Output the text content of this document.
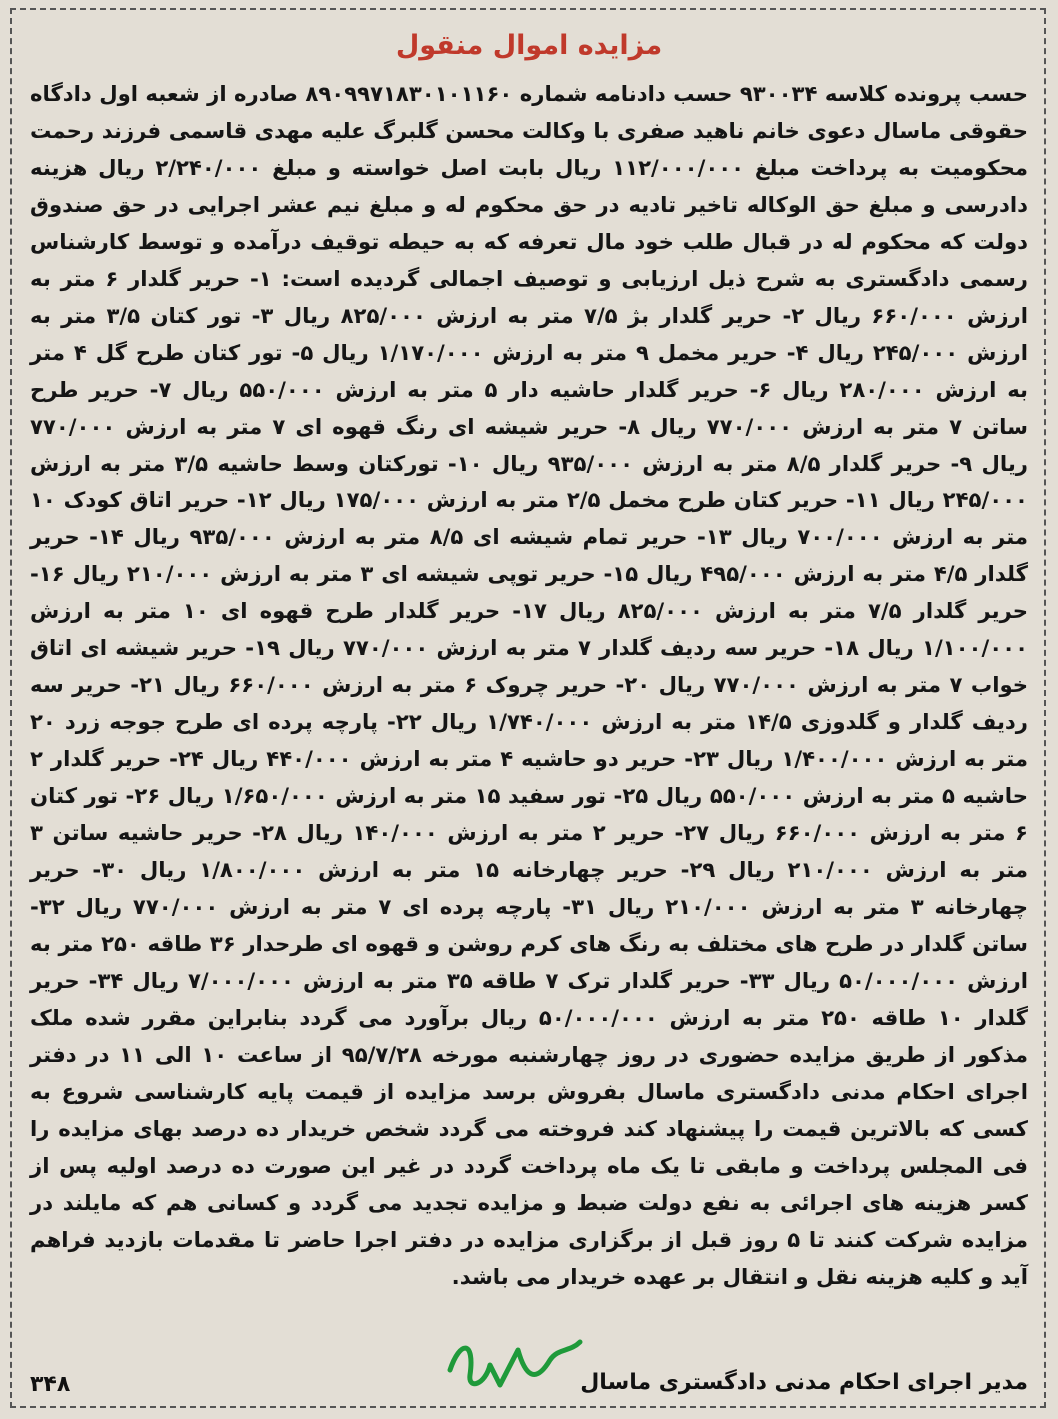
مزایده اموال منقول
حسب پرونده کلاسه ۹۳۰۰۳۴ حسب دادنامه شماره ۸۹۰۹۹۷۱۸۳۰۱۰۱۱۶۰ صادره از شعبه اول دادگاه حقوقی ماسال دعوی خانم ناهید صفری با وکالت محسن گلبرگ علیه مهدی قاسمی فرزند رحمت محکومیت به پرداخت مبلغ ۱۱۲/۰۰۰/۰۰۰ ریال بابت اصل خواسته و مبلغ ۲/۲۴۰/۰۰۰ ریال هزینه دادرسی و مبلغ حق الوکاله تاخیر تادیه در حق محکوم له و مبلغ نیم عشر اجرایی در حق صندوق دولت که محکوم له در قبال طلب خود مال تعرفه که به حیطه توقیف درآمده و توسط کارشناس رسمی دادگستری به شرح ذیل ارزیابی و توصیف اجمالی گردیده است: ۱- حریر گلدار ۶ متر به ارزش ۶۶۰/۰۰۰ ریال ۲- حریر گلدار بژ ۷/۵ متر به ارزش ۸۲۵/۰۰۰ ریال ۳- تور کتان ۳/۵ متر به ارزش ۲۴۵/۰۰۰ ریال ۴- حریر مخمل ۹ متر به ارزش ۱/۱۷۰/۰۰۰ ریال ۵- تور کتان طرح گل ۴ متر به ارزش ۲۸۰/۰۰۰ ریال ۶- حریر گلدار حاشیه دار ۵ متر به ارزش ۵۵۰/۰۰۰ ریال ۷- حریر طرح ساتن ۷ متر به ارزش ۷۷۰/۰۰۰ ریال ۸- حریر شیشه ای رنگ قهوه ای ۷ متر به ارزش ۷۷۰/۰۰۰ ریال ۹- حریر گلدار ۸/۵ متر به ارزش ۹۳۵/۰۰۰ ریال ۱۰- تورکتان وسط حاشیه ۳/۵ متر به ارزش ۲۴۵/۰۰۰ ریال ۱۱- حریر کتان طرح مخمل ۲/۵ متر به ارزش ۱۷۵/۰۰۰ ریال ۱۲- حریر اتاق کودک ۱۰ متر به ارزش ۷۰۰/۰۰۰ ریال ۱۳- حریر تمام شیشه ای ۸/۵ متر به ارزش ۹۳۵/۰۰۰ ریال ۱۴- حریر گلدار ۴/۵ متر به ارزش ۴۹۵/۰۰۰ ریال ۱۵- حریر توپی شیشه ای ۳ متر به ارزش ۲۱۰/۰۰۰ ریال ۱۶- حریر گلدار ۷/۵ متر به ارزش ۸۲۵/۰۰۰ ریال ۱۷- حریر گلدار طرح قهوه ای ۱۰ متر به ارزش ۱/۱۰۰/۰۰۰ ریال ۱۸- حریر سه ردیف گلدار ۷ متر به ارزش ۷۷۰/۰۰۰ ریال ۱۹- حریر شیشه ای اتاق خواب ۷ متر به ارزش ۷۷۰/۰۰۰ ریال ۲۰- حریر چروک ۶ متر به ارزش ۶۶۰/۰۰۰ ریال ۲۱- حریر سه ردیف گلدار و گلدوزی ۱۴/۵ متر به ارزش ۱/۷۴۰/۰۰۰ ریال ۲۲- پارچه پرده ای طرح جوجه زرد ۲۰ متر به ارزش ۱/۴۰۰/۰۰۰ ریال ۲۳- حریر دو حاشیه ۴ متر به ارزش ۴۴۰/۰۰۰ ریال ۲۴- حریر گلدار ۲ حاشیه ۵ متر به ارزش ۵۵۰/۰۰۰ ریال ۲۵- تور سفید ۱۵ متر به ارزش ۱/۶۵۰/۰۰۰ ریال ۲۶- تور کتان ۶ متر به ارزش ۶۶۰/۰۰۰ ریال ۲۷- حریر ۲ متر به ارزش ۱۴۰/۰۰۰ ریال ۲۸- حریر حاشیه ساتن ۳ متر به ارزش ۲۱۰/۰۰۰ ریال ۲۹- حریر چهارخانه ۱۵ متر به ارزش ۱/۸۰۰/۰۰۰ ریال ۳۰- حریر چهارخانه ۳ متر به ارزش ۲۱۰/۰۰۰ ریال ۳۱- پارچه پرده ای ۷ متر به ارزش ۷۷۰/۰۰۰ ریال ۳۲- ساتن گلدار در طرح های مختلف به رنگ های کرم روشن و قهوه ای طرحدار ۳۶ طاقه ۲۵۰ متر به ارزش ۵۰/۰۰۰/۰۰۰ ریال ۳۳- حریر گلدار ترک ۷ طاقه ۳۵ متر به ارزش ۷/۰۰۰/۰۰۰ ریال ۳۴- حریر گلدار ۱۰ طاقه ۲۵۰ متر به ارزش ۵۰/۰۰۰/۰۰۰ ریال برآورد می گردد بنابراین مقرر شده ملک مذکور از طریق مزایده حضوری در روز چهارشنبه مورخه ۹۵/۷/۲۸ از ساعت ۱۰ الی ۱۱ در دفتر اجرای احکام مدنی دادگستری ماسال بفروش برسد مزایده از قیمت پایه کارشناسی شروع به کسی که بالاترین قیمت را پیشنهاد کند فروخته می گردد شخص خریدار ده درصد بهای مزایده را فی المجلس پرداخت و مابقی تا یک ماه پرداخت گردد در غیر این صورت ده درصد اولیه پس از کسر هزینه های اجرائی به نفع دولت ضبط و مزایده تجدید می گردد و کسانی هم که مایلند در مزایده شرکت کنند تا ۵ روز قبل از برگزاری مزایده در دفتر اجرا حاضر تا مقدمات بازدید فراهم آید و کلیه هزینه نقل و انتقال بر عهده خریدار می باشد.
مدیر اجرای احکام مدنی دادگستری ماسال
۳۴۸
